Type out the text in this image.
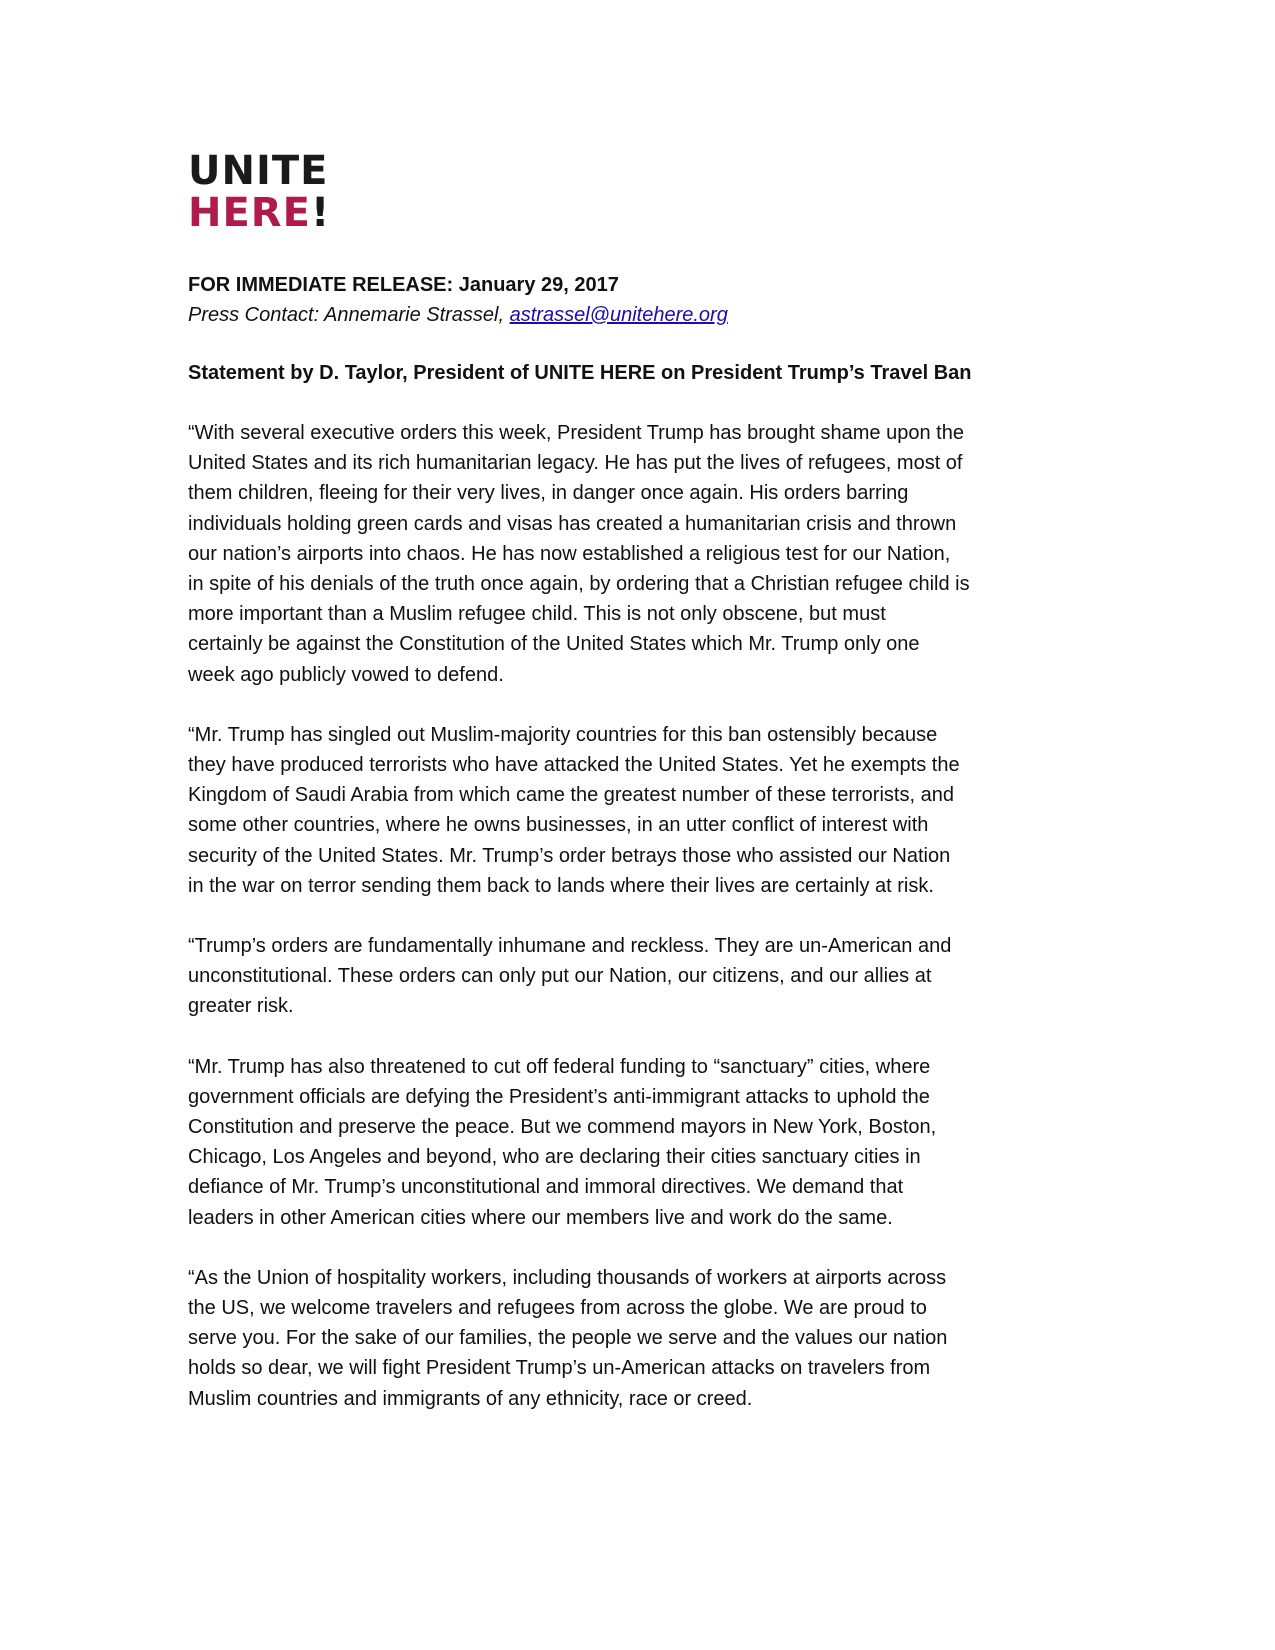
UNITE
HERE!
FOR IMMEDIATE RELEASE: January 29, 2017
Press Contact: Annemarie Strassel, astrassel@unitehere.org
Statement by D. Taylor, President of UNITE HERE on President Trump’s Travel Ban

“With several executive orders this week, President Trump has brought shame upon the
United States and its rich humanitarian legacy. He has put the lives of refugees, most of
them children, fleeing for their very lives, in danger once again. His orders barring
individuals holding green cards and visas has created a humanitarian crisis and thrown
our nation’s airports into chaos. He has now established a religious test for our Nation,
in spite of his denials of the truth once again, by ordering that a Christian refugee child is
more important than a Muslim refugee child. This is not only obscene, but must
certainly be against the Constitution of the United States which Mr. Trump only one
week ago publicly vowed to defend.

“Mr. Trump has singled out Muslim-majority countries for this ban ostensibly because
they have produced terrorists who have attacked the United States. Yet he exempts the
Kingdom of Saudi Arabia from which came the greatest number of these terrorists, and
some other countries, where he owns businesses, in an utter conflict of interest with
security of the United States. Mr. Trump’s order betrays those who assisted our Nation
in the war on terror sending them back to lands where their lives are certainly at risk.

“Trump’s orders are fundamentally inhumane and reckless. They are un-American and
unconstitutional. These orders can only put our Nation, our citizens, and our allies at
greater risk.

“Mr. Trump has also threatened to cut off federal funding to “sanctuary” cities, where
government officials are defying the President’s anti-immigrant attacks to uphold the
Constitution and preserve the peace. But we commend mayors in New York, Boston,
Chicago, Los Angeles and beyond, who are declaring their cities sanctuary cities in
defiance of Mr. Trump’s unconstitutional and immoral directives. We demand that
leaders in other American cities where our members live and work do the same.

“As the Union of hospitality workers, including thousands of workers at airports across
the US, we welcome travelers and refugees from across the globe. We are proud to
serve you. For the sake of our families, the people we serve and the values our nation
holds so dear, we will fight President Trump’s un-American attacks on travelers from
Muslim countries and immigrants of any ethnicity, race or creed.
